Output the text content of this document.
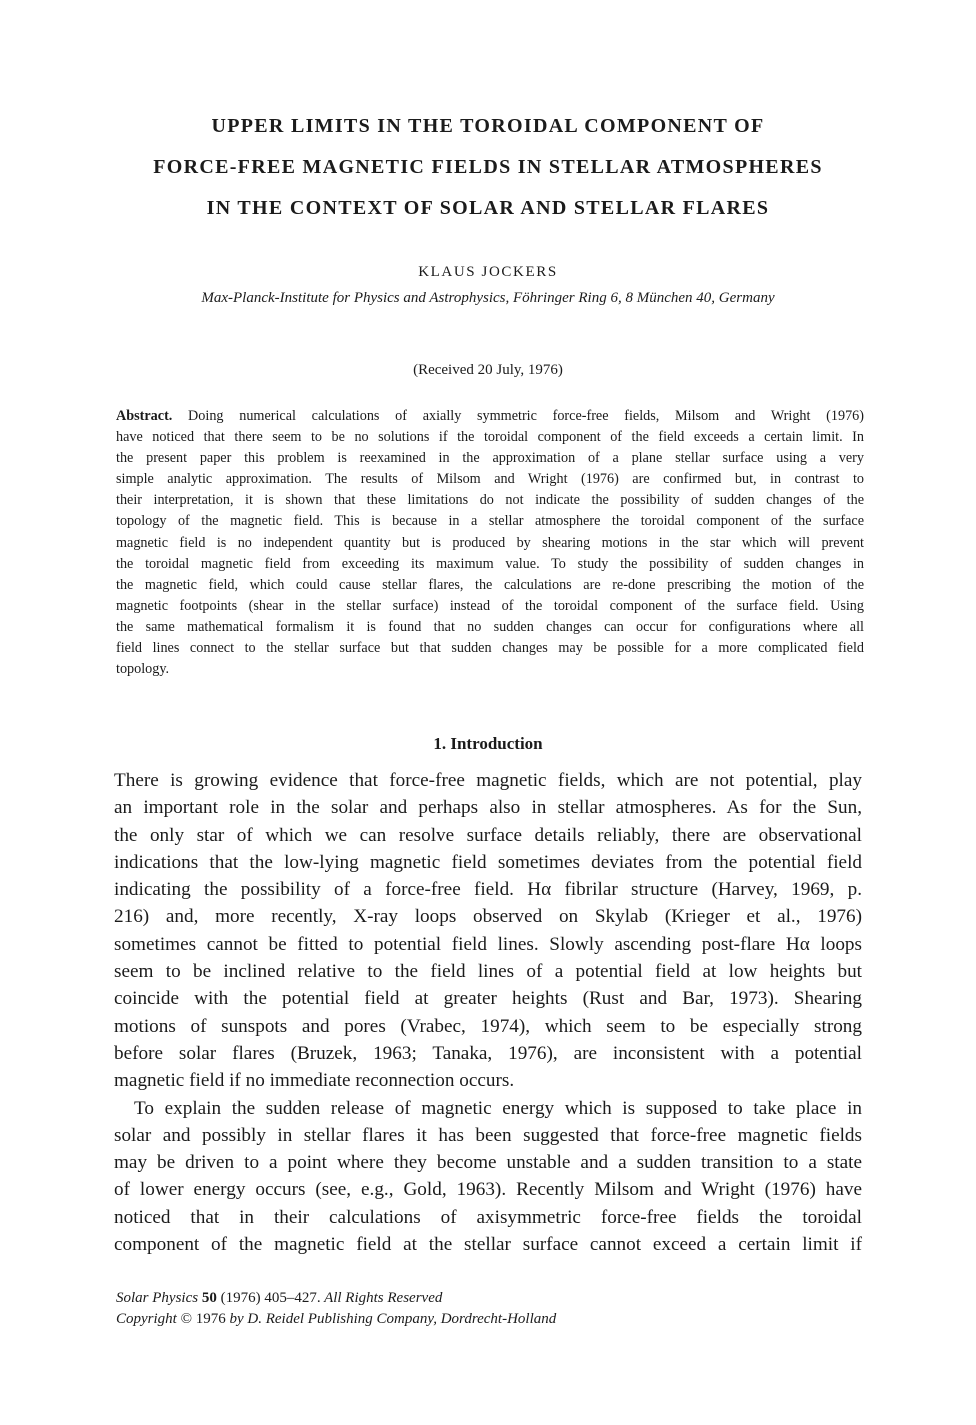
UPPER LIMITS IN THE TOROIDAL COMPONENT OF
FORCE-FREE MAGNETIC FIELDS IN STELLAR ATMOSPHERES
IN THE CONTEXT OF SOLAR AND STELLAR FLARES
KLAUS JOCKERS
Max-Planck-Institute for Physics and Astrophysics, Föhringer Ring 6, 8 München 40, Germany
(Received 20 July, 1976)
Abstract. Doing numerical calculations of axially symmetric force-free fields, Milsom and Wright (1976)
have noticed that there seem to be no solutions if the toroidal component of the field exceeds a certain limit. In
the present paper this problem is reexamined in the approximation of a plane stellar surface using a very
simple analytic approximation. The results of Milsom and Wright (1976) are confirmed but, in contrast to
their interpretation, it is shown that these limitations do not indicate the possibility of sudden changes of the
topology of the magnetic field. This is because in a stellar atmosphere the toroidal component of the surface
magnetic field is no independent quantity but is produced by shearing motions in the star which will prevent
the toroidal magnetic field from exceeding its maximum value. To study the possibility of sudden changes in
the magnetic field, which could cause stellar flares, the calculations are re-done prescribing the motion of the
magnetic footpoints (shear in the stellar surface) instead of the toroidal component of the surface field. Using
the same mathematical formalism it is found that no sudden changes can occur for configurations where all
field lines connect to the stellar surface but that sudden changes may be possible for a more complicated field
topology.
1. Introduction
There is growing evidence that force-free magnetic fields, which are not potential, play
an important role in the solar and perhaps also in stellar atmospheres. As for the Sun,
the only star of which we can resolve surface details reliably, there are observational
indications that the low-lying magnetic field sometimes deviates from the potential field
indicating the possibility of a force-free field. Hα fibrilar structure (Harvey, 1969, p.
216) and, more recently, X-ray loops observed on Skylab (Krieger et al., 1976)
sometimes cannot be fitted to potential field lines. Slowly ascending post-flare Hα loops
seem to be inclined relative to the field lines of a potential field at low heights but
coincide with the potential field at greater heights (Rust and Bar, 1973). Shearing
motions of sunspots and pores (Vrabec, 1974), which seem to be especially strong
before solar flares (Bruzek, 1963; Tanaka, 1976), are inconsistent with a potential
magnetic field if no immediate reconnection occurs.
To explain the sudden release of magnetic energy which is supposed to take place in
solar and possibly in stellar flares it has been suggested that force-free magnetic fields
may be driven to a point where they become unstable and a sudden transition to a state
of lower energy occurs (see, e.g., Gold, 1963). Recently Milsom and Wright (1976) have
noticed that in their calculations of axisymmetric force-free fields the toroidal
component of the magnetic field at the stellar surface cannot exceed a certain limit if
Solar Physics 50 (1976) 405–427. All Rights Reserved
Copyright © 1976 by D. Reidel Publishing Company, Dordrecht-Holland
